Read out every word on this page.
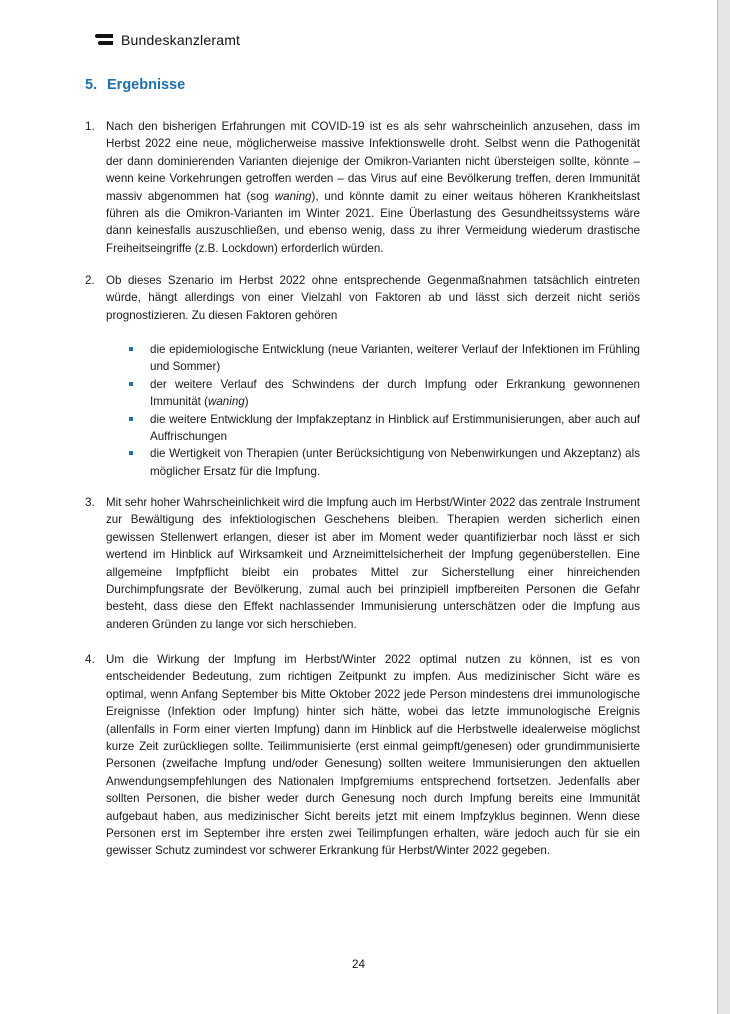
Bundeskanzleramt
5. Ergebnisse
1. Nach den bisherigen Erfahrungen mit COVID-19 ist es als sehr wahrscheinlich anzusehen, dass im Herbst 2022 eine neue, möglicherweise massive Infektionswelle droht. Selbst wenn die Pathogenität der dann dominierenden Varianten diejenige der Omikron-Varianten nicht übersteigen sollte, könnte – wenn keine Vorkehrungen getroffen werden – das Virus auf eine Bevölkerung treffen, deren Immunität massiv abgenommen hat (sog waning), und könnte damit zu einer weitaus höheren Krankheitslast führen als die Omikron-Varianten im Winter 2021. Eine Überlastung des Gesundheitssystems wäre dann keinesfalls auszuschließen, und ebenso wenig, dass zu ihrer Vermeidung wiederum drastische Freiheitseingriffe (z.B. Lockdown) erforderlich würden.
2. Ob dieses Szenario im Herbst 2022 ohne entsprechende Gegenmaßnahmen tatsächlich eintreten würde, hängt allerdings von einer Vielzahl von Faktoren ab und lässt sich derzeit nicht seriös prognostizieren. Zu diesen Faktoren gehören
die epidemiologische Entwicklung (neue Varianten, weiterer Verlauf der Infektionen im Frühling und Sommer)
der weitere Verlauf des Schwindens der durch Impfung oder Erkrankung gewonnenen Immunität (waning)
die weitere Entwicklung der Impfakzeptanz in Hinblick auf Erstimmunisierungen, aber auch auf Auffrischungen
die Wertigkeit von Therapien (unter Berücksichtigung von Nebenwirkungen und Akzeptanz) als möglicher Ersatz für die Impfung.
3. Mit sehr hoher Wahrscheinlichkeit wird die Impfung auch im Herbst/Winter 2022 das zentrale Instrument zur Bewältigung des infektiologischen Geschehens bleiben. Therapien werden sicherlich einen gewissen Stellenwert erlangen, dieser ist aber im Moment weder quantifizierbar noch lässt er sich wertend im Hinblick auf Wirksamkeit und Arzneimittelsicherheit der Impfung gegenüberstellen. Eine allgemeine Impfpflicht bleibt ein probates Mittel zur Sicherstellung einer hinreichenden Durchimpfungsrate der Bevölkerung, zumal auch bei prinzipiell impfbereiten Personen die Gefahr besteht, dass diese den Effekt nachlassender Immunisierung unterschätzen oder die Impfung aus anderen Gründen zu lange vor sich herschieben.
4. Um die Wirkung der Impfung im Herbst/Winter 2022 optimal nutzen zu können, ist es von entscheidender Bedeutung, zum richtigen Zeitpunkt zu impfen. Aus medizinischer Sicht wäre es optimal, wenn Anfang September bis Mitte Oktober 2022 jede Person mindestens drei immunologische Ereignisse (Infektion oder Impfung) hinter sich hätte, wobei das letzte immunologische Ereignis (allenfalls in Form einer vierten Impfung) dann im Hinblick auf die Herbstwelle idealerweise möglichst kurze Zeit zurückliegen sollte. Teilimmunisierte (erst einmal geimpft/genesen) oder grundimmunisierte Personen (zweifache Impfung und/oder Genesung) sollten weitere Immunisierungen den aktuellen Anwendungsempfehlungen des Nationalen Impfgremiums entsprechend fortsetzen. Jedenfalls aber sollten Personen, die bisher weder durch Genesung noch durch Impfung bereits eine Immunität aufgebaut haben, aus medizinischer Sicht bereits jetzt mit einem Impfzyklus beginnen. Wenn diese Personen erst im September ihre ersten zwei Teilimpfungen erhalten, wäre jedoch auch für sie ein gewisser Schutz zumindest vor schwerer Erkrankung für Herbst/Winter 2022 gegeben.
24
